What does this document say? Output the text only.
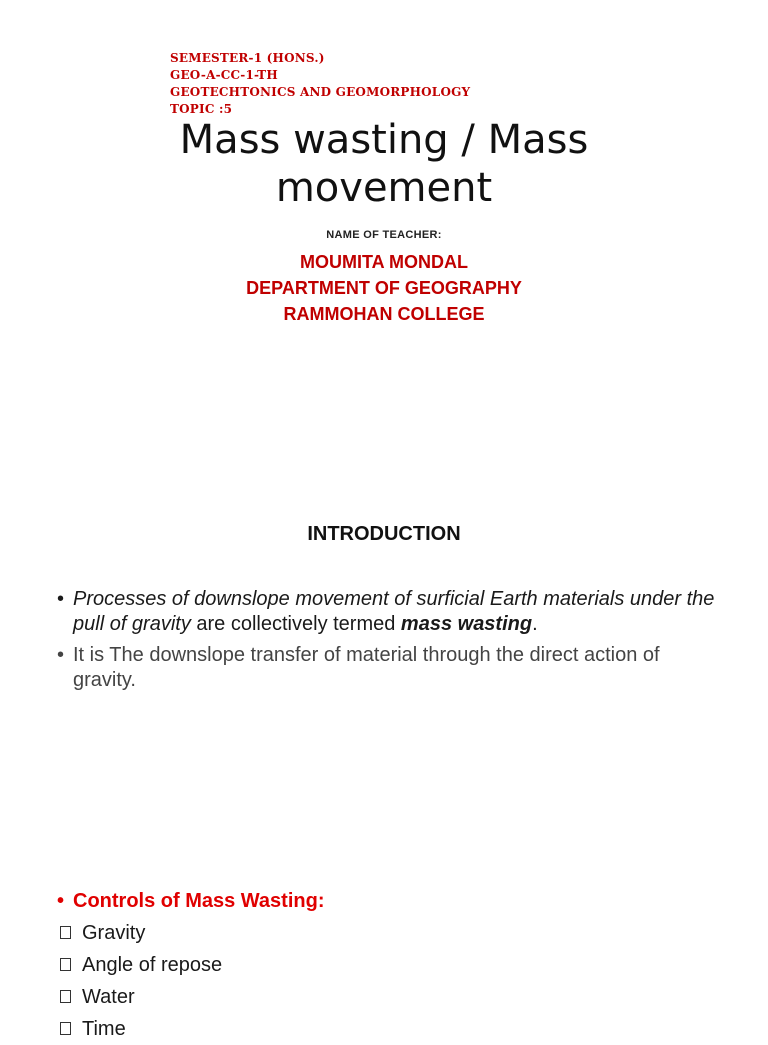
SEMESTER-1 (HONS.)
GEO-A-CC-1-TH
GEOTECHTONICS AND GEOMORPHOLOGY
TOPIC :5
Mass wasting / Mass
movement
NAME OF TEACHER:
MOUMITA MONDAL
DEPARTMENT OF GEOGRAPHY
RAMMOHAN COLLEGE
INTRODUCTION
• Processes of downslope movement of surficial Earth materials under the pull of gravity are collectively termed mass wasting.
• It is The downslope transfer of material through the direct action of gravity.
• Controls of Mass Wasting:
Gravity
Angle of repose
Water
Time
